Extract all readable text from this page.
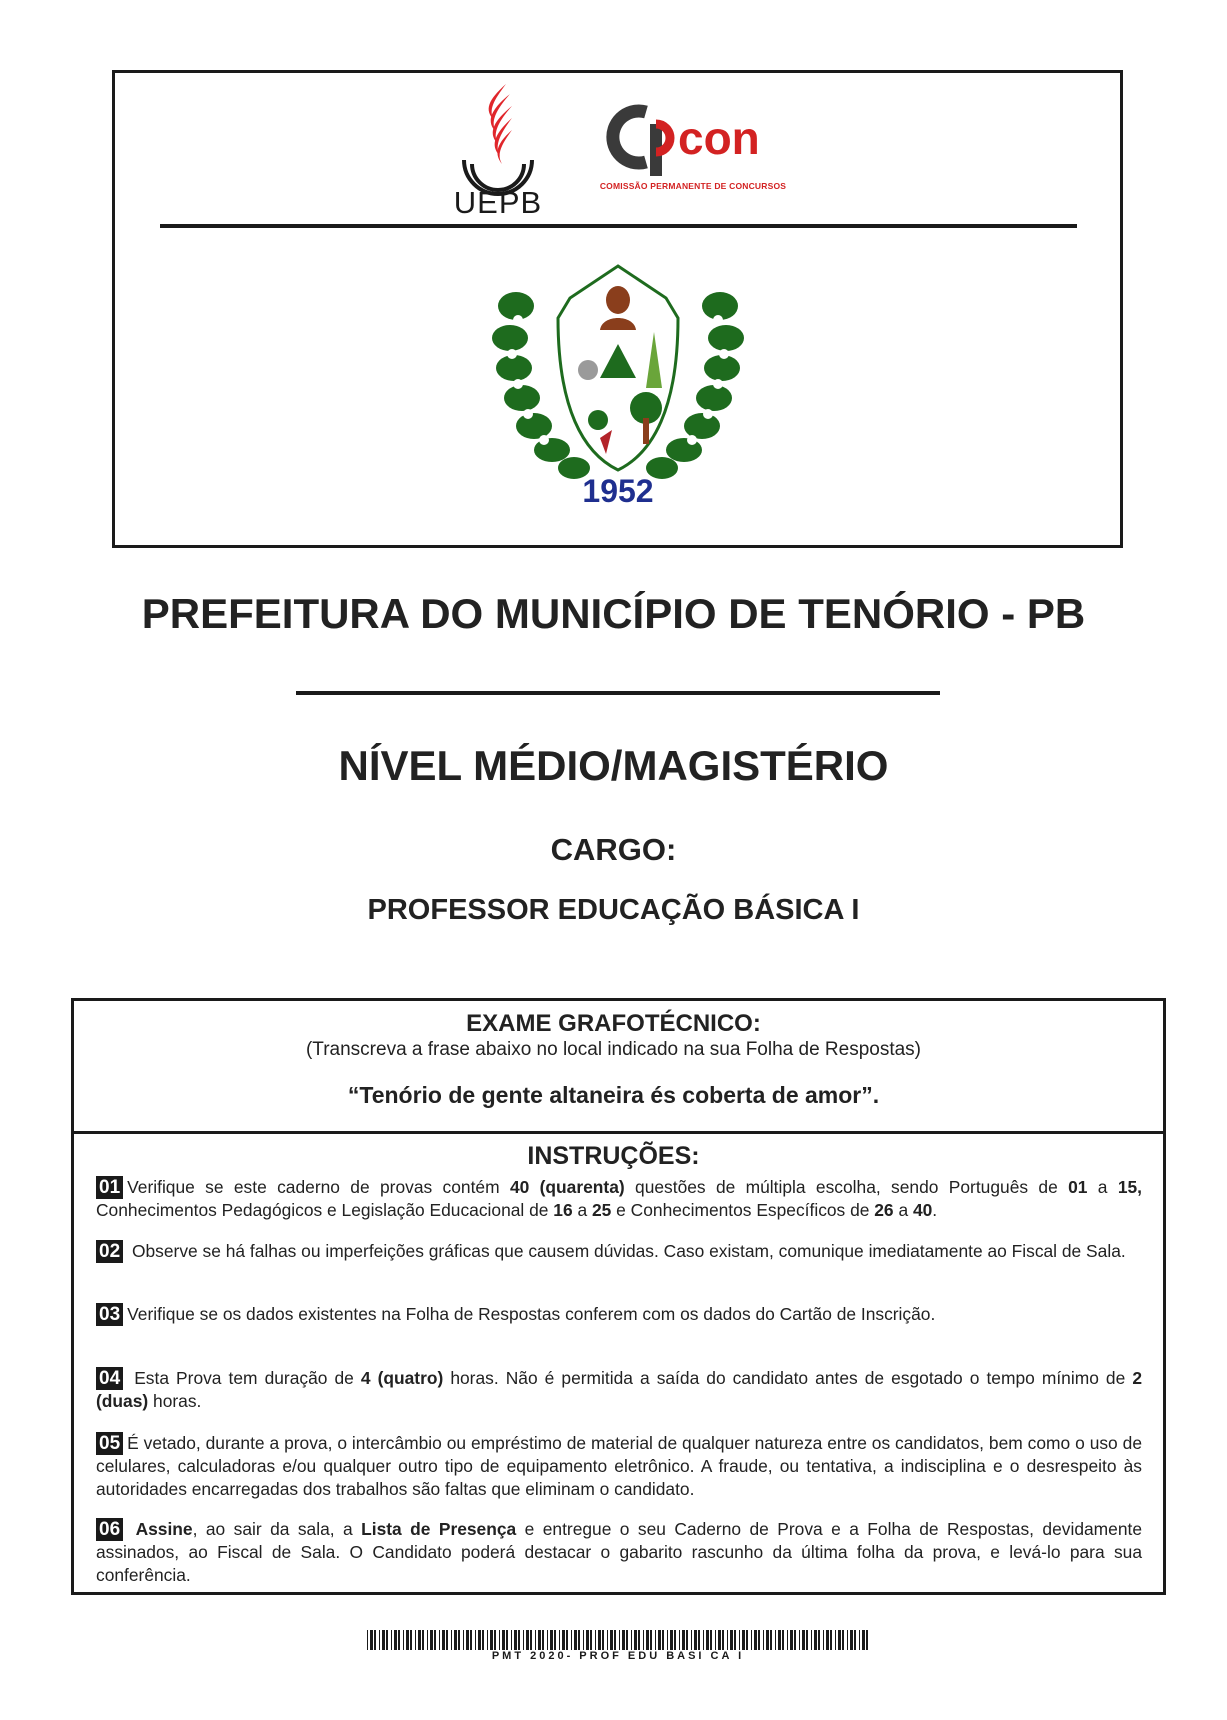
UEPB
con
COMISSÃO PERMANENTE DE CONCURSOS
1952
PREFEITURA DO MUNICÍPIO DE TENÓRIO - PB
NÍVEL MÉDIO/MAGISTÉRIO
CARGO:
PROFESSOR EDUCAÇÃO BÁSICA I
EXAME GRAFOTÉCNICO:
(Transcreva a frase abaixo no local indicado na sua Folha de Respostas)
“Tenório de gente altaneira és coberta de amor”.
INSTRUÇÕES:
01 Verifique se este caderno de provas contém 40 (quarenta) questões de múltipla escolha, sendo Português de 01 a 15, Conhecimentos Pedagógicos e Legislação Educacional de 16 a 25 e Conhecimentos Específicos de 26 a 40.
02 Observe se há falhas ou imperfeições gráficas que causem dúvidas. Caso existam, comunique imediatamente ao Fiscal de Sala.
03 Verifique se os dados existentes na Folha de Respostas conferem com os dados do Cartão de Inscrição.
04 Esta Prova tem duração de 4 (quatro) horas. Não é permitida a saída do candidato antes de esgotado o tempo mínimo de 2 (duas) horas.
05 É vetado, durante a prova, o intercâmbio ou empréstimo de material de qualquer natureza entre os candidatos, bem como o uso de celulares, calculadoras e/ou qualquer outro tipo de equipamento eletrônico. A fraude, ou tentativa, a indisciplina e o desrespeito às autoridades encarregadas dos trabalhos são faltas que eliminam o candidato.
06 Assine, ao sair da sala, a Lista de Presença e entregue o seu Caderno de Prova e a Folha de Respostas, devidamente assinados, ao Fiscal de Sala. O Candidato poderá destacar o gabarito rascunho da última folha da prova, e levá-lo para sua conferência.
PMT 2020- PROF EDU BASI CA I
